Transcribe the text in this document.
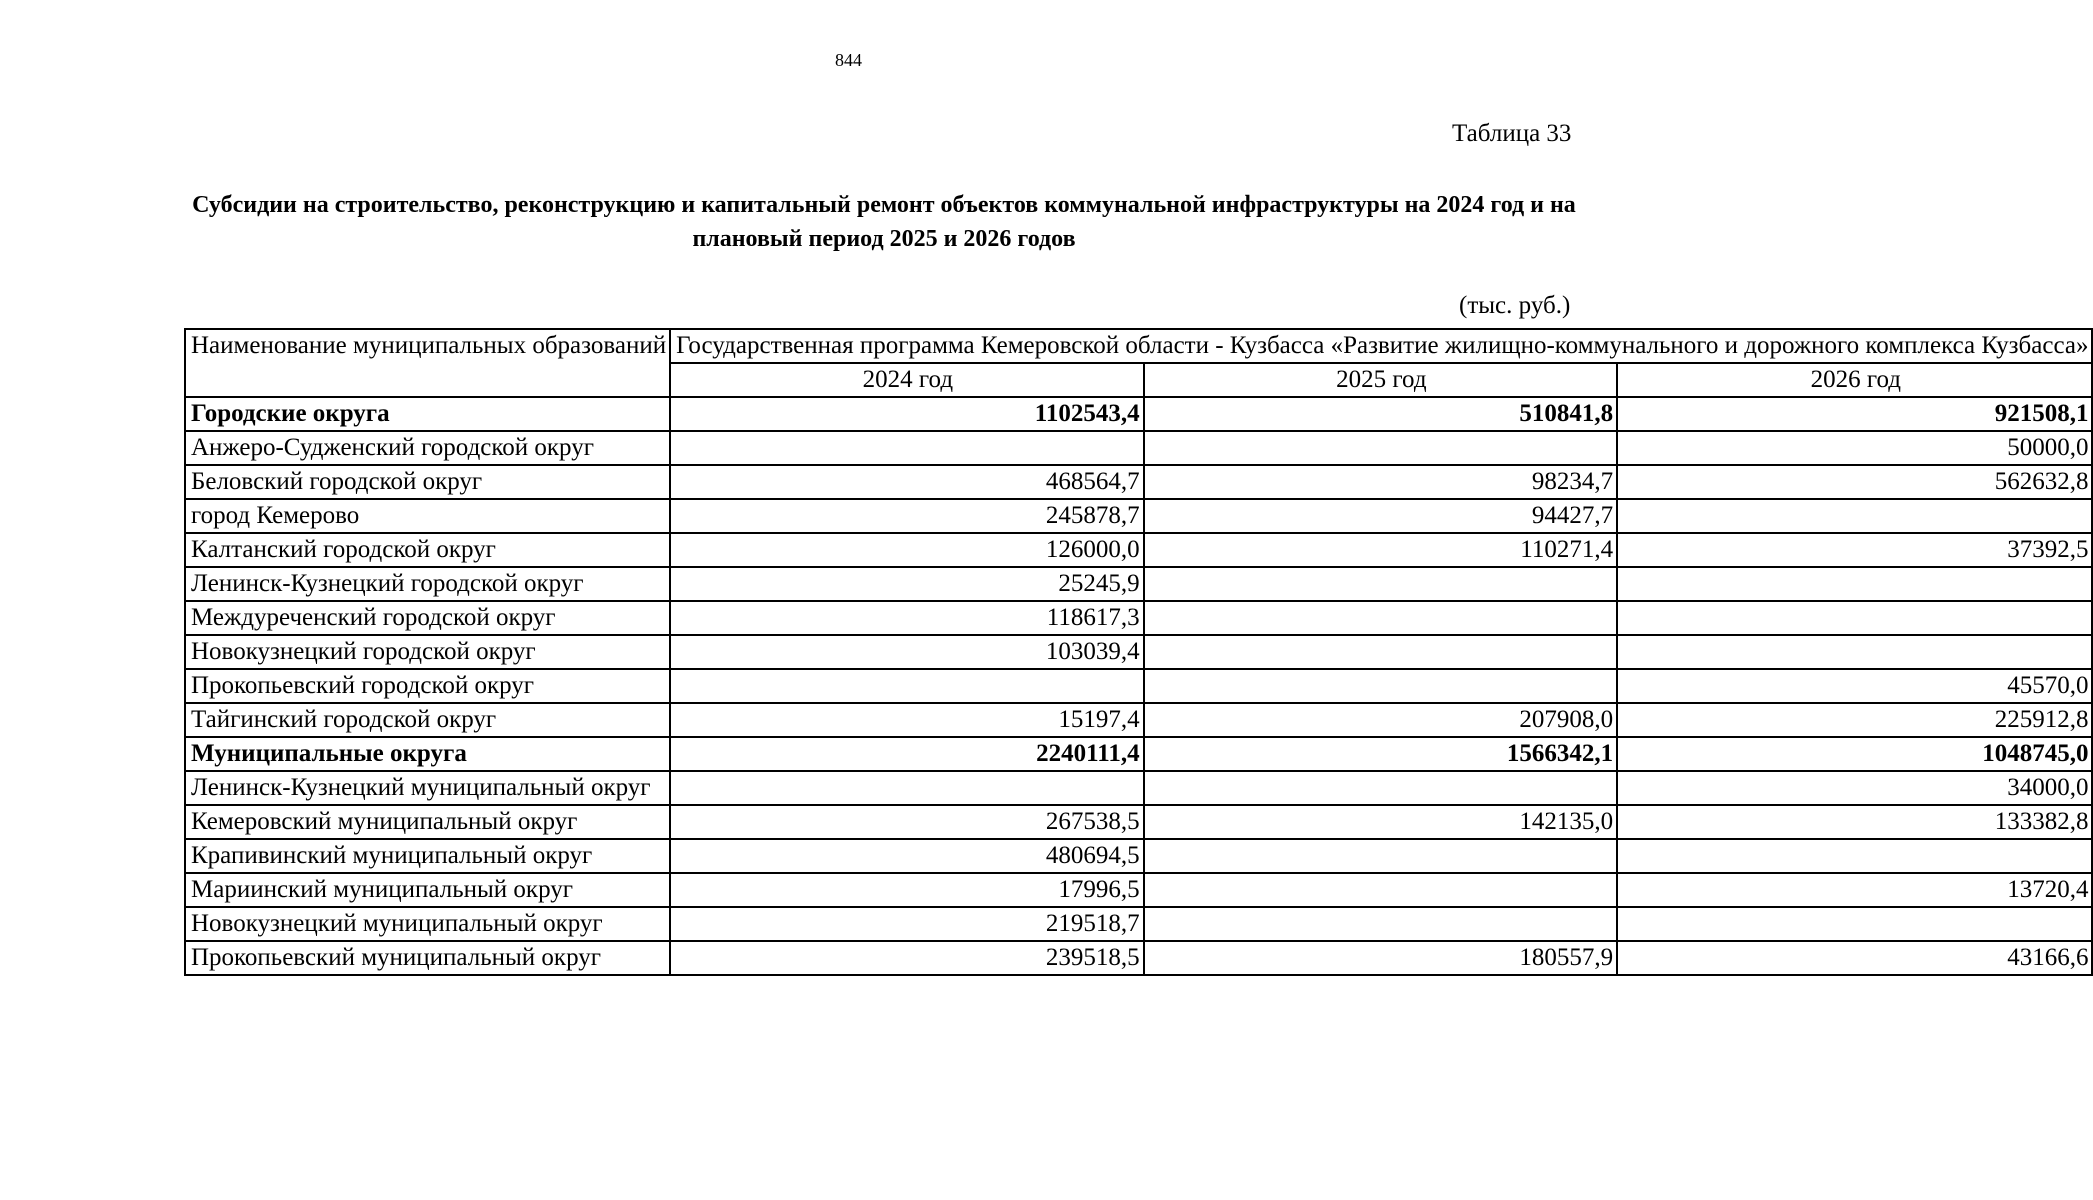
844
Таблица 33
Субсидии на строительство, реконструкцию и капитальный ремонт объектов коммунальной инфраструктуры на 2024 год и на плановый период 2025 и 2026 годов
(тыс. руб.)
Наименование муниципальных образований	Государственная программа Кемеровской области - Кузбасса «Развитие жилищно-коммунального и дорожного комплекса Кузбасса»		
	2024 год	2025 год	2026 год
Городские округа	1102543,4	510841,8	921508,1
Анжеро-Судженский городской округ			50000,0
Беловский городской округ	468564,7	98234,7	562632,8
город Кемерово	245878,7	94427,7	
Калтанский городской округ	126000,0	110271,4	37392,5
Ленинск-Кузнецкий городской округ	25245,9		
Междуреченский городской округ	118617,3		
Новокузнецкий городской округ	103039,4		
Прокопьевский городской округ			45570,0
Тайгинский городской округ	15197,4	207908,0	225912,8
Муниципальные округа	2240111,4	1566342,1	1048745,0
Ленинск-Кузнецкий муниципальный округ			34000,0
Кемеровский муниципальный округ	267538,5	142135,0	133382,8
Крапивинский муниципальный округ	480694,5		
Мариинский муниципальный округ	17996,5		13720,4
Новокузнецкий муниципальный округ	219518,7		
Прокопьевский муниципальный округ	239518,5	180557,9	43166,6
